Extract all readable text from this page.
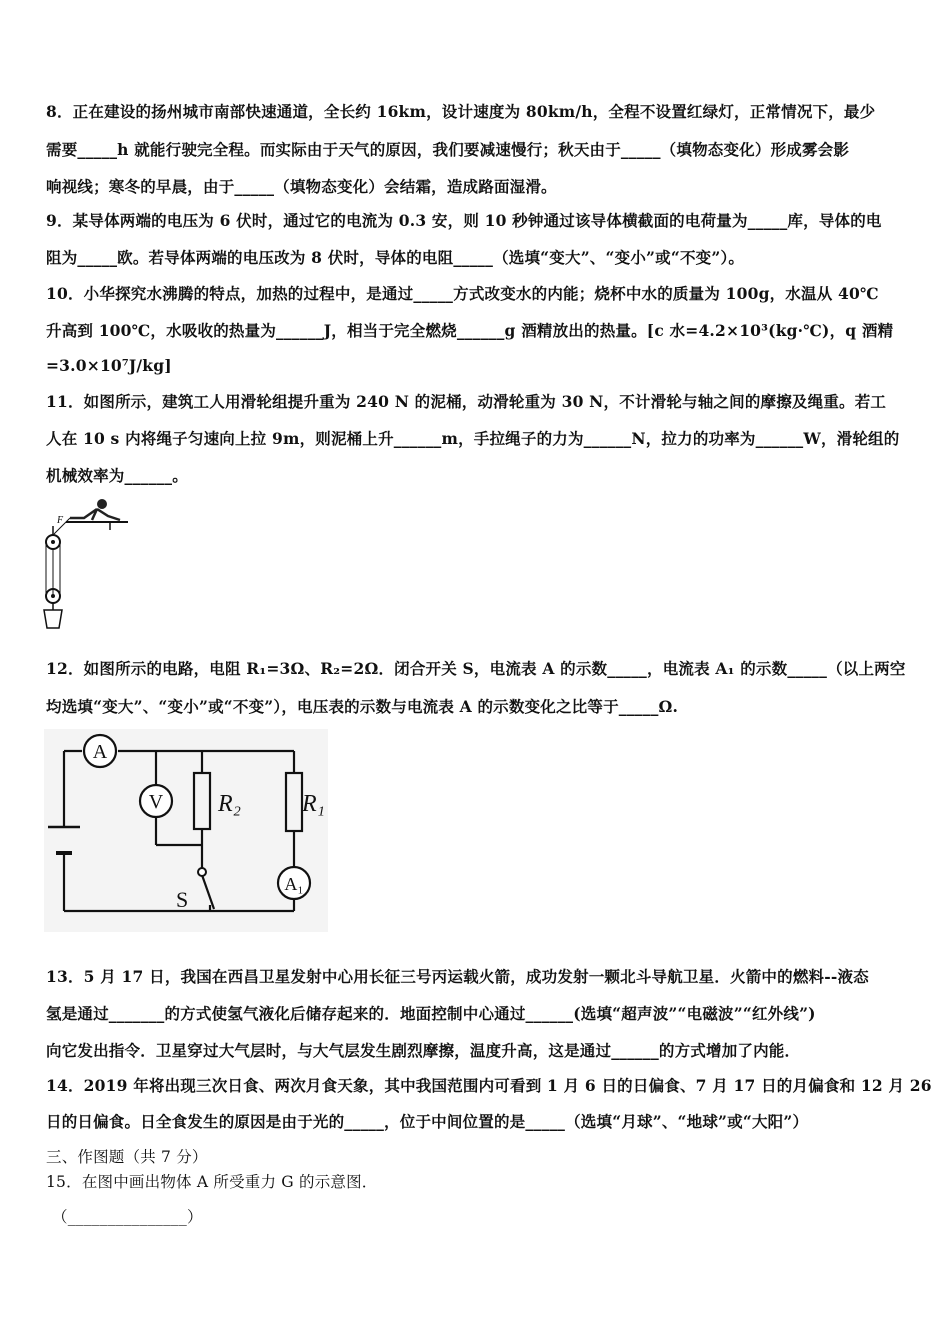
8．正在建设的扬州城市南部快速通道，全长约 16km，设计速度为 80km/h，全程不设置红绿灯，正常情况下，最少
需要_____h 就能行驶完全程。而实际由于天气的原因，我们要减速慢行；秋天由于_____（填物态变化）形成雾会影
响视线；寒冬的早晨，由于_____（填物态变化）会结霜，造成路面湿滑。
9．某导体两端的电压为 6 伏时，通过它的电流为 0.3 安，则 10 秒钟通过该导体横截面的电荷量为_____库，导体的电
阻为_____欧。若导体两端的电压改为 8 伏时，导体的电阻_____（选填“变大”、“变小”或“不变”）。
10．小华探究水沸腾的特点，加热的过程中，是通过_____方式改变水的内能；烧杯中水的质量为 100g，水温从 40℃
升高到 100℃，水吸收的热量为______J，相当于完全燃烧______g 酒精放出的热量。[c 水=4.2×10³(kg·℃)，q 酒精
=3.0×10⁷J/kg]
11．如图所示，建筑工人用滑轮组提升重为 240 N 的泥桶，动滑轮重为 30 N，不计滑轮与轴之间的摩擦及绳重。若工
人在 10 s 内将绳子匀速向上拉 9m，则泥桶上升______m，手拉绳子的力为______N，拉力的功率为______W，滑轮组的
机械效率为______。
F
12．如图所示的电路，电阻 R₁=3Ω、R₂=2Ω．闭合开关 S，电流表 A 的示数_____，电流表 A₁ 的示数_____（以上两空
均选填“变大”、“变小”或“不变”），电压表的示数与电流表 A 的示数变化之比等于_____Ω.
A
V R₂	R₁
S
A₁
13．5 月 17 日，我国在西昌卫星发射中心用长征三号丙运载火箭，成功发射一颗北斗导航卫星．火箭中的燃料--液态
氢是通过_______的方式使氢气液化后储存起来的．地面控制中心通过______(选填“超声波”“电磁波”“红外线”)
向它发出指令．卫星穿过大气层时，与大气层发生剧烈摩擦，温度升高，这是通过______的方式增加了内能．
14．2019 年将出现三次日食、两次月食天象，其中我国范围内可看到 1 月 6 日的日偏食、7 月 17 日的月偏食和 12 月 26
日的日偏食。日全食发生的原因是由于光的_____，位于中间位置的是_____（选填“月球”、“地球”或“大阳”）
三、作图题（共 7 分）
15．在图中画出物体 A 所受重力 G 的示意图．
（_______________）
